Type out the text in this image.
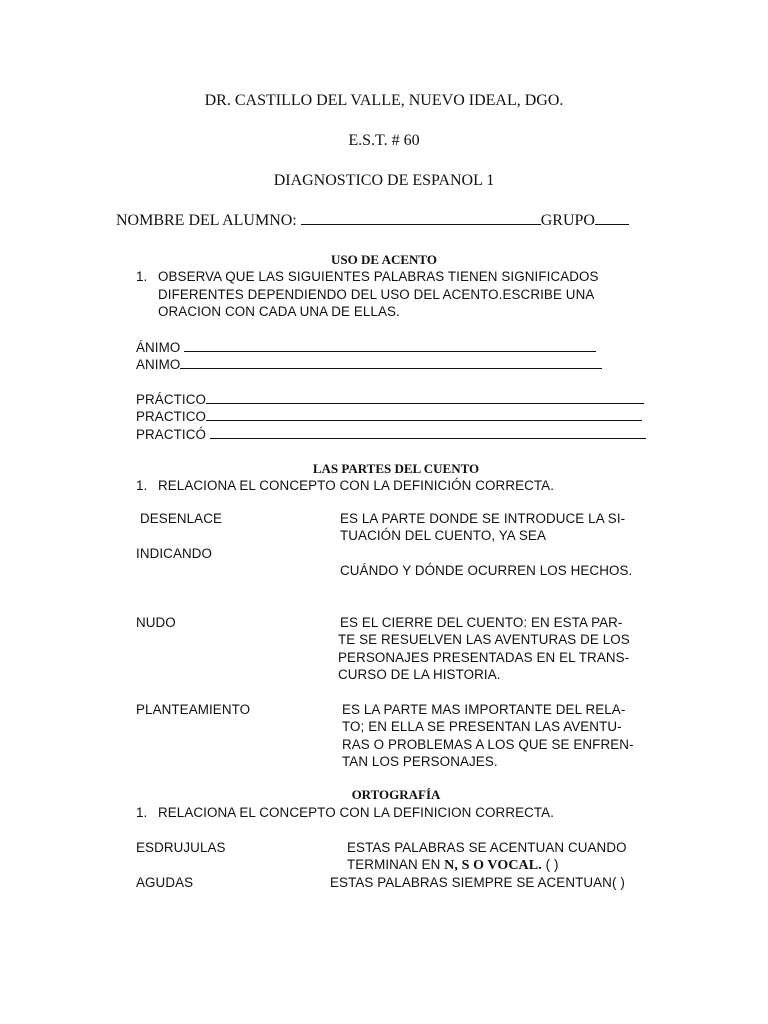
DR. CASTILLO DEL VALLE, NUEVO IDEAL, DGO.
E.S.T. # 60
DIAGNOSTICO DE ESPANOL 1
NOMBRE DEL ALUMNO:	GRUPO
USO DE ACENTO
1. OBSERVA QUE LAS SIGUIENTES PALABRAS TIENEN SIGNIFICADOS
DIFERENTES DEPENDIENDO DEL USO DEL ACENTO.ESCRIBE UNA
ORACION CON CADA UNA DE ELLAS.
ÁNIMO
ANIMO
PRÁCTICO
PRACTICO
PRACTICÓ
LAS PARTES DEL CUENTO
1. RELACIONA EL CONCEPTO CON LA DEFINICIÓN CORRECTA.
DESENLACE
INDICANDO
NUDO
PLANTEAMIENTO
ES LA PARTE DONDE SE INTRODUCE LA SI-
TUACIÓN DEL CUENTO, YA SEA
CUÁNDO Y DÓNDE OCURREN LOS HECHOS.
ES EL CIERRE DEL CUENTO: EN ESTA PAR-
TE SE RESUELVEN LAS AVENTURAS DE LOS
PERSONAJES PRESENTADAS EN EL TRANS-
CURSO DE LA HISTORIA.
ES LA PARTE MAS IMPORTANTE DEL RELA-
TO; EN ELLA SE PRESENTAN LAS AVENTU-
RAS O PROBLEMAS A LOS QUE SE ENFREN-
TAN LOS PERSONAJES.
ORTOGRAFÍA
1. RELACIONA EL CONCEPTO CON LA DEFINICION CORRECTA.
ESDRUJULAS
AGUDAS
ESTAS PALABRAS SE ACENTUAN CUANDO
TERMINAN EN N, S O VOCAL. ( )
ESTAS PALABRAS SIEMPRE SE ACENTUAN( )
